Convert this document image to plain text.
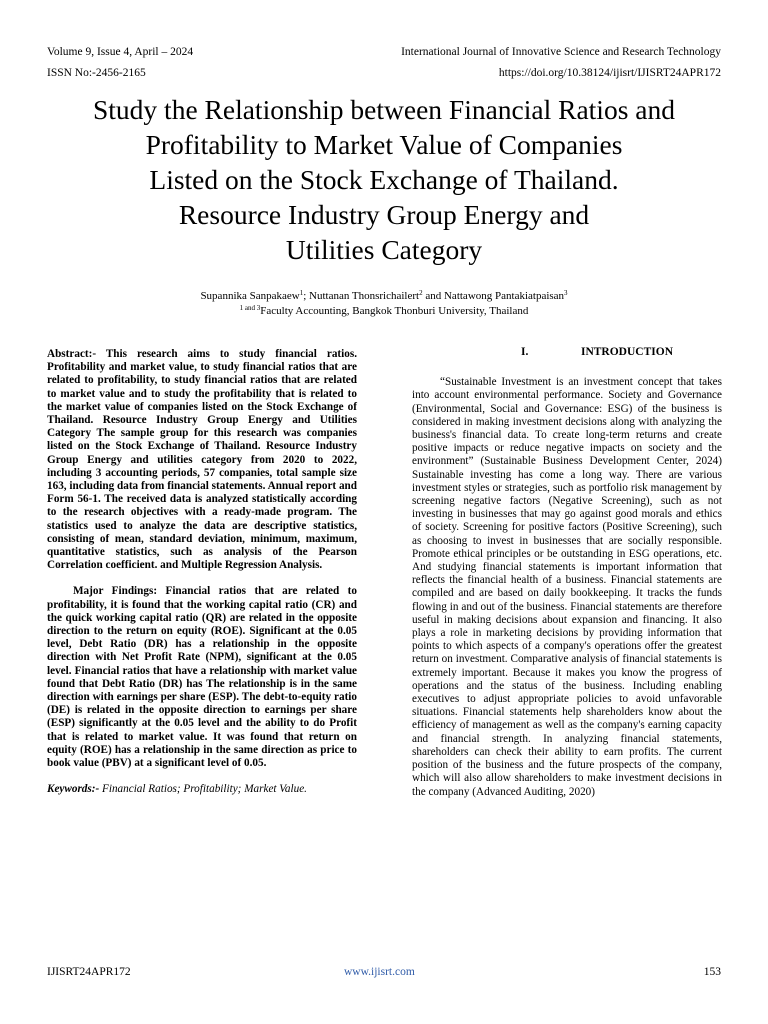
Volume 9, Issue 4, April – 2024
ISSN No:-2456-2165
International Journal of Innovative Science and Research Technology
https://doi.org/10.38124/ijisrt/IJISRT24APR172
Study the Relationship between Financial Ratios and
Profitability to Market Value of Companies
Listed on the Stock Exchange of Thailand.
Resource Industry Group Energy and
Utilities Category
Supannika Sanpakaew$^1$; Nuttanan Thonsrichailert$^2$ and Nattawong Pantakiatpaisan$^3$
$^{1 and 3}$Faculty Accounting, Bangkok Thonburi University, Thailand

Abstract:- This research aims to study financial ratios. Profitability and market value, to study financial ratios that are related to profitability, to study financial ratios that are related to market value and to study the profitability that is related to the market value of companies listed on the Stock Exchange of Thailand. Resource Industry Group Energy and Utilities Category The sample group for this research was companies listed on the Stock Exchange of Thailand. Resource Industry Group Energy and utilities category from 2020 to 2022, including 3 accounting periods, 57 companies, total sample size 163, including data from financial statements. Annual report and Form 56-1. The received data is analyzed statistically according to the research objectives with a ready-made program. The statistics used to analyze the data are descriptive statistics, consisting of mean, standard deviation, minimum, maximum, quantitative statistics, such as analysis of the Pearson Correlation coefficient. and Multiple Regression Analysis.

Major Findings: Financial ratios that are related to profitability, it is found that the working capital ratio (CR) and the quick working capital ratio (QR) are related in the opposite direction to the return on equity (ROE). Significant at the 0.05 level, Debt Ratio (DR) has a relationship in the opposite direction with Net Profit Rate (NPM), significant at the 0.05 level. Financial ratios that have a relationship with market value found that Debt Ratio (DR) has The relationship is in the same direction with earnings per share (ESP). The debt-to-equity ratio (DE) is related in the opposite direction to earnings per share (ESP) significantly at the 0.05 level and the ability to do Profit that is related to market value. It was found that return on equity (ROE) has a relationship in the same direction as price to book value (PBV) at a significant level of 0.05.

Keywords:- Financial Ratios; Profitability; Market Value.

I.	INTRODUCTION

“Sustainable Investment is an investment concept that takes into account environmental performance. Society and Governance (Environmental, Social and Governance: ESG) of the business is considered in making investment decisions along with analyzing the business's financial data. To create long-term returns and create positive impacts or reduce negative impacts on society and the environment” (Sustainable Business Development Center, 2024) Sustainable investing has come a long way. There are various investment styles or strategies, such as portfolio risk management by screening negative factors (Negative Screening), such as not investing in businesses that may go against good morals and ethics of society. Screening for positive factors (Positive Screening), such as choosing to invest in businesses that are socially responsible. Promote ethical principles or be outstanding in ESG operations, etc. And studying financial statements is important information that reflects the financial health of a business. Financial statements are compiled and are based on daily bookkeeping. It tracks the funds flowing in and out of the business. Financial statements are therefore useful in making decisions about expansion and financing. It also plays a role in marketing decisions by providing information that points to which aspects of a company's operations offer the greatest return on investment. Comparative analysis of financial statements is extremely important. Because it makes you know the progress of operations and the status of the business. Including enabling executives to adjust appropriate policies to avoid unfavorable situations. Financial statements help shareholders know about the efficiency of management as well as the company's earning capacity and financial strength. In analyzing financial statements, shareholders can check their ability to earn profits. The current position of the business and the future prospects of the company, which will also allow shareholders to make investment decisions in the company (Advanced Auditing, 2020)

IJISRT24APR172	www.ijisrt.com	153
